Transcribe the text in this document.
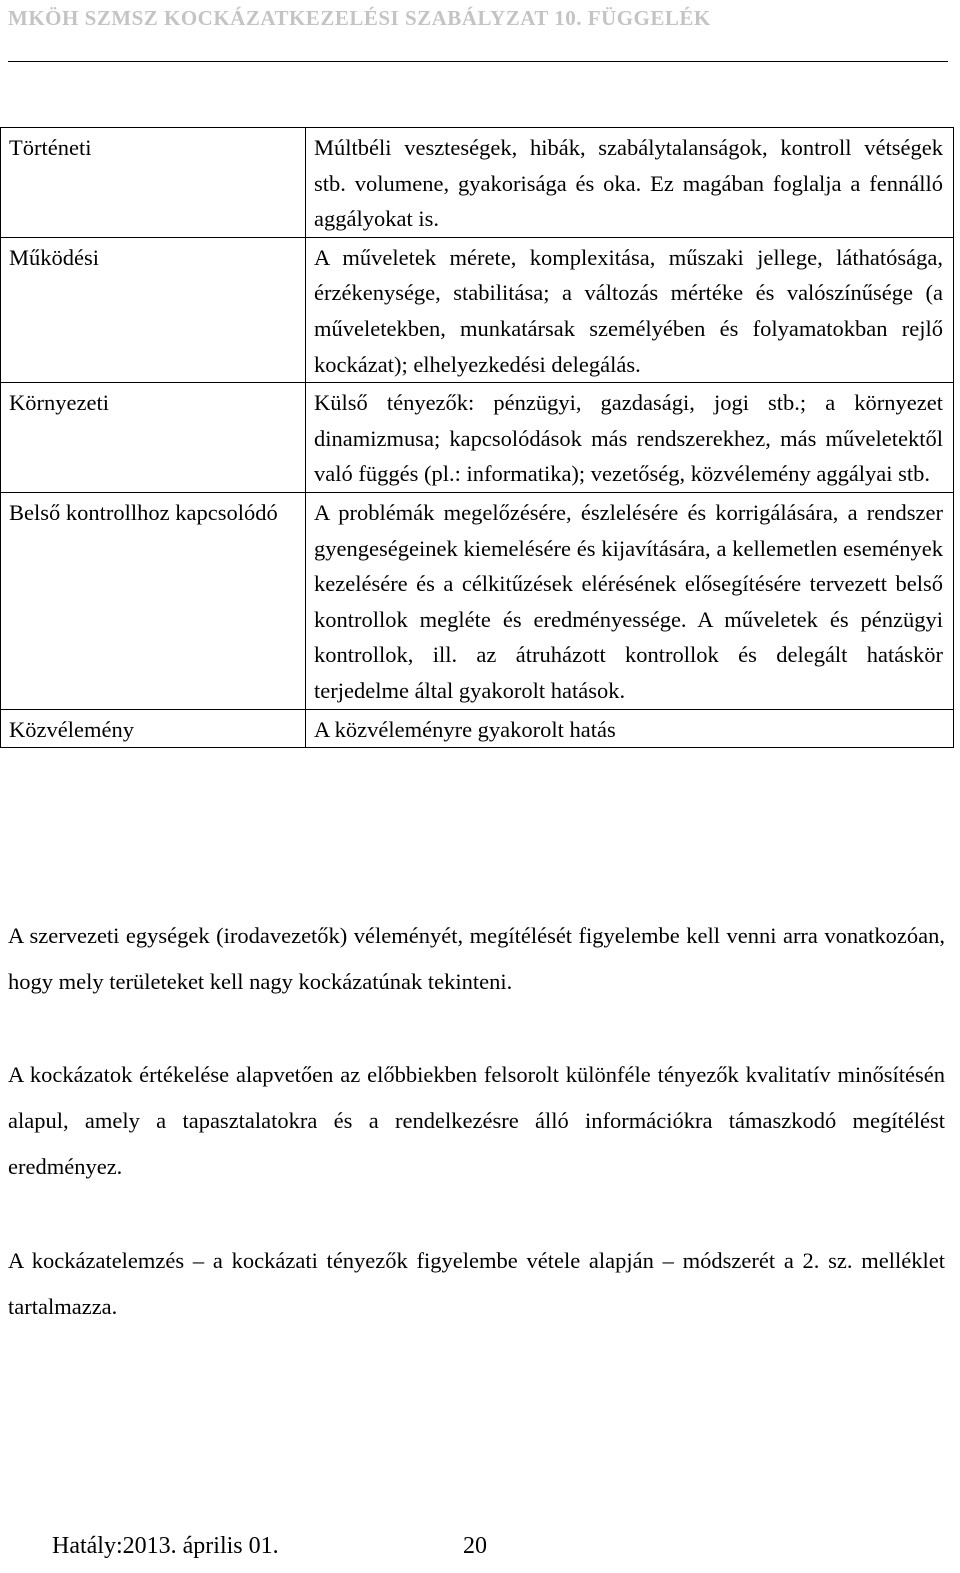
MKÖH SZMSZ KOCKÁZATKEZELÉSI SZABÁLYZAT 10. FÜGGELÉK
Történeti	Múltbéli veszteségek, hibák, szabálytalanságok, kontroll vétségek stb. volumene, gyakorisága és oka. Ez magában foglalja a fennálló aggályokat is.
Működési	A műveletek mérete, komplexitása, műszaki jellege, láthatósága, érzékenysége, stabilitása; a változás mértéke és valószínűsége (a műveletekben, munkatársak személyében és folyamatokban rejlő kockázat); elhelyezkedési delegálás.
Környezeti	Külső tényezők: pénzügyi, gazdasági, jogi stb.; a környezet dinamizmusa; kapcsolódások más rendszerekhez, más műveletektől való függés (pl.: informatika); vezetőség, közvélemény aggályai stb.
Belső kontrollhoz kapcsolódó	A problémák megelőzésére, észlelésére és korrigálására, a rendszer gyengeségeinek kiemelésére és kijavítására, a kellemetlen események kezelésére és a célkitűzések elérésének elősegítésére tervezett belső kontrollok megléte és eredményessége. A műveletek és pénzügyi kontrollok, ill. az átruházott kontrollok és delegált hatáskör terjedelme által gyakorolt hatások.
Közvélemény	A közvéleményre gyakorolt hatás

A szervezeti egységek (irodavezetők) véleményét, megítélését figyelembe kell venni arra vonatkozóan, hogy mely területeket kell nagy kockázatúnak tekinteni.

A kockázatok értékelése alapvetően az előbbiekben felsorolt különféle tényezők kvalitatív minősítésén alapul, amely a tapasztalatokra és a rendelkezésre álló információkra támaszkodó megítélést eredményez.

A kockázatelemzés – a kockázati tényezők figyelembe vétele alapján – módszerét a 2. sz. melléklet tartalmazza.

Hatály:2013. április 01.	20
